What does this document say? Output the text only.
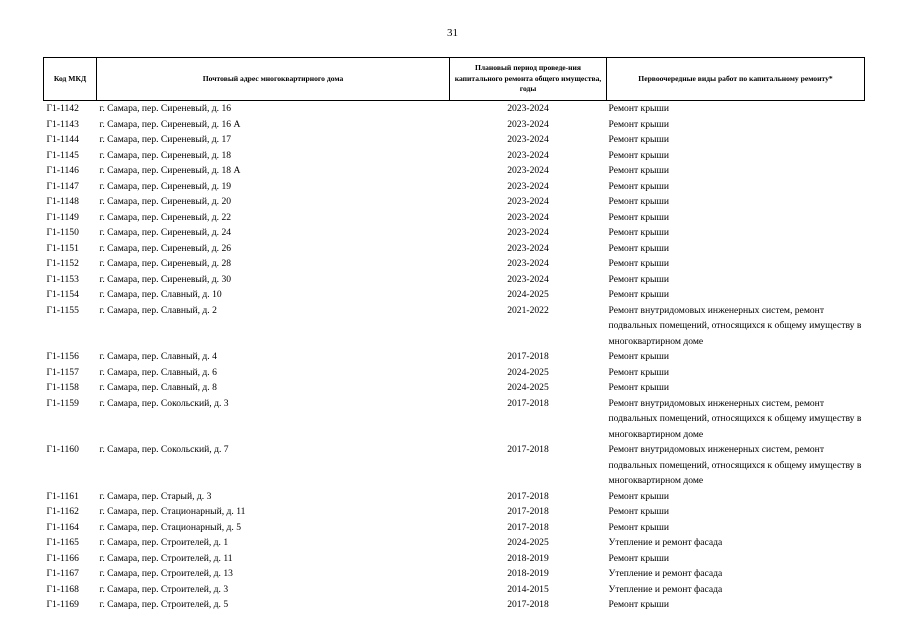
31
Код МКД	Почтовый адрес многоквартирного дома	Плановый период проведе-ния капитального ремонта общего имущества, годы	Первоочередные виды работ по капитальному ремонту*
Г1-1142	г. Самара, пер. Сиреневый, д. 16	2023-2024	Ремонт крыши
Г1-1143	г. Самара, пер. Сиреневый, д. 16 А	2023-2024	Ремонт крыши
Г1-1144	г. Самара, пер. Сиреневый, д. 17	2023-2024	Ремонт крыши
Г1-1145	г. Самара, пер. Сиреневый, д. 18	2023-2024	Ремонт крыши
Г1-1146	г. Самара, пер. Сиреневый, д. 18 А	2023-2024	Ремонт крыши
Г1-1147	г. Самара, пер. Сиреневый, д. 19	2023-2024	Ремонт крыши
Г1-1148	г. Самара, пер. Сиреневый, д. 20	2023-2024	Ремонт крыши
Г1-1149	г. Самара, пер. Сиреневый, д. 22	2023-2024	Ремонт крыши
Г1-1150	г. Самара, пер. Сиреневый, д. 24	2023-2024	Ремонт крыши
Г1-1151	г. Самара, пер. Сиреневый, д. 26	2023-2024	Ремонт крыши
Г1-1152	г. Самара, пер. Сиреневый, д. 28	2023-2024	Ремонт крыши
Г1-1153	г. Самара, пер. Сиреневый, д. 30	2023-2024	Ремонт крыши
Г1-1154	г. Самара, пер. Славный, д. 10	2024-2025	Ремонт крыши
Г1-1155	г. Самара, пер. Славный, д. 2	2021-2022	Ремонт внутридомовых инженерных систем, ремонт подвальных помещений, относящихся к общему имуществу в многоквартирном доме
Г1-1156	г. Самара, пер. Славный, д. 4	2017-2018	Ремонт крыши
Г1-1157	г. Самара, пер. Славный, д. 6	2024-2025	Ремонт крыши
Г1-1158	г. Самара, пер. Славный, д. 8	2024-2025	Ремонт крыши
Г1-1159	г. Самара, пер. Сокольский, д. 3	2017-2018	Ремонт внутридомовых инженерных систем, ремонт подвальных помещений, относящихся к общему имуществу в многоквартирном доме
Г1-1160	г. Самара, пер. Сокольский, д. 7	2017-2018	Ремонт внутридомовых инженерных систем, ремонт подвальных помещений, относящихся к общему имуществу в многоквартирном доме
Г1-1161	г. Самара, пер. Старый, д. 3	2017-2018	Ремонт крыши
Г1-1162	г. Самара, пер. Стационарный, д. 11	2017-2018	Ремонт крыши
Г1-1164	г. Самара, пер. Стационарный, д. 5	2017-2018	Ремонт крыши
Г1-1165	г. Самара, пер. Строителей, д. 1	2024-2025	Утепление и ремонт фасада
Г1-1166	г. Самара, пер. Строителей, д. 11	2018-2019	Ремонт крыши
Г1-1167	г. Самара, пер. Строителей, д. 13	2018-2019	Утепление и ремонт фасада
Г1-1168	г. Самара, пер. Строителей, д. 3	2014-2015	Утепление и ремонт фасада
Г1-1169	г. Самара, пер. Строителей, д. 5	2017-2018	Ремонт крыши
